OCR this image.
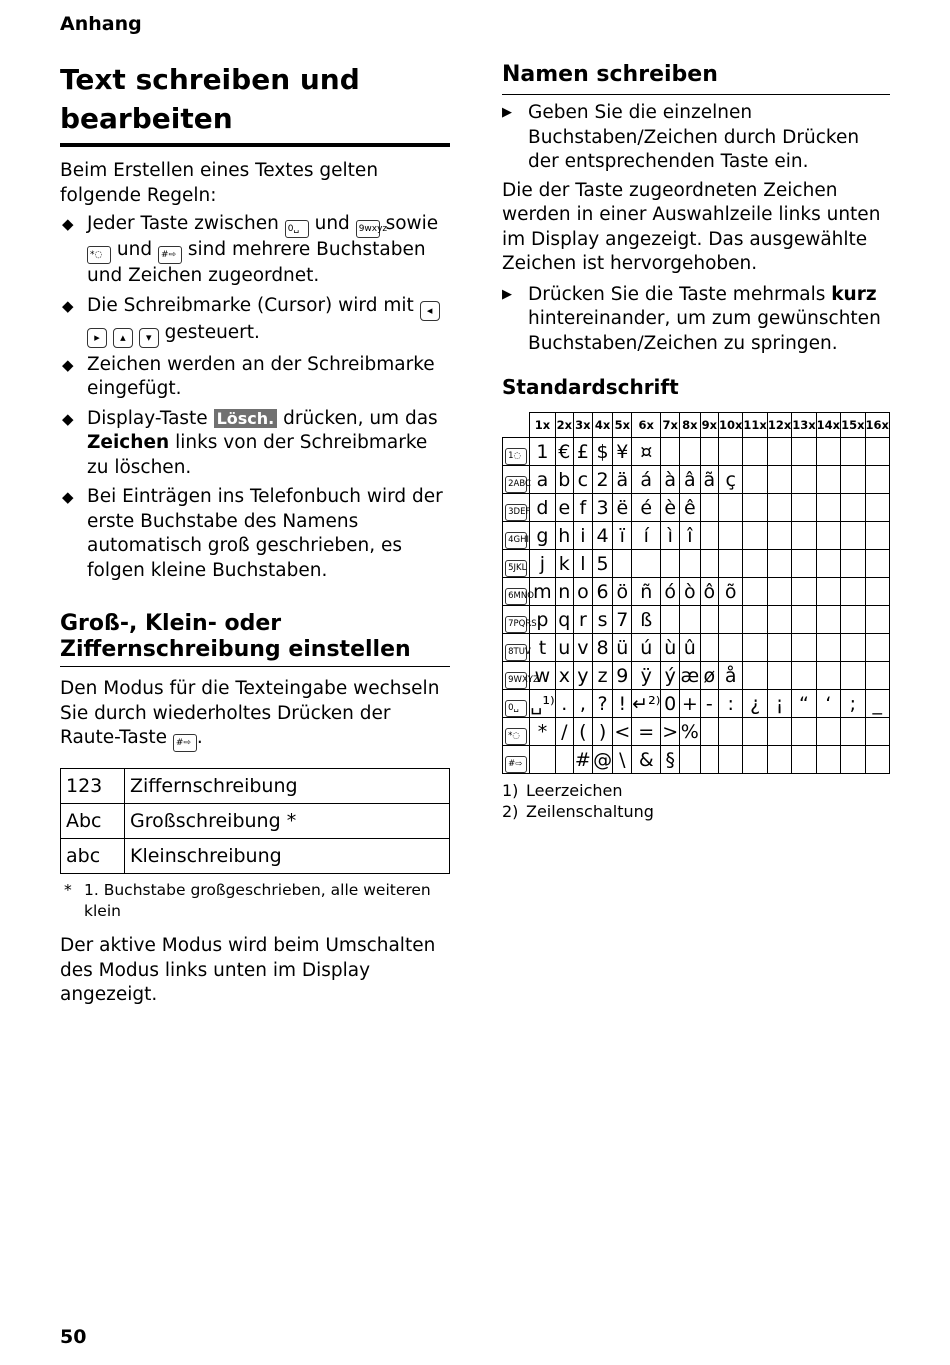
Anhang
Text schreiben und
bearbeiten

Beim Erstellen eines Textes gelten folgende Regeln:

◆ Jeder Taste zwischen 0␣ und 9wxyz sowie *◌ und #⇨ sind mehrere Buchstaben und Zeichen zugeordnet.
◆ Die Schreibmarke (Cursor) wird mit ◂ ▸ ▴ ▾ gesteuert.
◆ Zeichen werden an der Schreibmarke eingefügt.
◆ Display-Taste Lösch. drücken, um das Zeichen links von der Schreibmarke zu löschen.
◆ Bei Einträgen ins Telefonbuch wird der erste Buchstabe des Namens automatisch groß geschrieben, es folgen kleine Buchstaben.
Groß-, Klein- oder Ziffernschreibung einstellen

Den Modus für die Texteingabe wechseln Sie durch wiederholtes Drücken der Raute-Taste #⇨ .

123	Ziffernschreibung
Abc	Großschreibung *
abc	Kleinschreibung
* 1. Buchstabe großgeschrieben, alle weiteren klein

Der aktive Modus wird beim Umschalten des Modus links unten im Display angezeigt.

Namen schreiben
▶ Geben Sie die einzelnen Buchstaben/Zeichen durch Drücken der entsprechenden Taste ein.

Die der Taste zugeordneten Zeichen werden in einer Auswahlzeile links unten im Display angezeigt. Das ausgewählte Zeichen ist hervorgehoben.

▶ Drücken Sie die Taste mehrmals kurz hintereinander, um zum gewünschten Buchstaben/Zeichen zu springen.
Standardschrift
	1x	2x	3x	4x	5x	6x	7x	8x	9x	10x	11x	12x	13x	14x	15x	16x
1◌	1	€	£	$	¥	¤										
2ABC	a	b	c	2	ä	á	à	â	ã	ç						
3DEF	d	e	f	3	ë	é	è	ê								
4GHI	g	h	i	4	ï	í	ì	î								
5JKL	j	k	l	5												
6MNO	m	n	o	6	ö	ñ	ó	ò	ô	õ						
7PQRS	p	q	r	s	7	ß										
8TUV	t	u	v	8	ü	ú	ù	û								
9WXYZ	w	x	y	z	9	ÿ	ý	æ	ø	å						
0␣	␣¹⁾	.	,	?	!	↵²⁾	0	+	-	:	¿	¡	“	‘	;	_
*◌	*	/	(	)	<	=	>	%								
#⇨			#	@	\	&	§									
1) Leerzeichen
2) Zeilenschaltung
50
